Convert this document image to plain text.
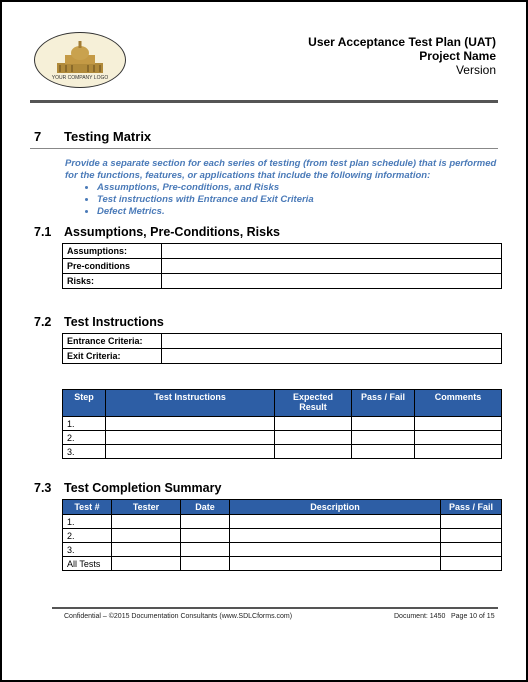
YOUR COMPANY LOGO
User Acceptance Test Plan (UAT)
Project Name
Version
7 Testing Matrix
Provide a separate section for each series of testing (from test plan schedule) that is performed for the functions, features, or applications that include the following information:
• Assumptions, Pre-conditions, and Risks
• Test instructions with Entrance and Exit Criteria
• Defect Metrics.
7.1 Assumptions, Pre-Conditions, Risks
Assumptions:	
Pre-conditions	
Risks:	
7.2 Test Instructions
Entrance Criteria:	
Exit Criteria:	
Step	Test Instructions	Expected Result	Pass / Fail	Comments
1.				
2.				
3.				
7.3 Test Completion Summary
Test #	Tester	Date	Description	Pass / Fail
1.				
2.				
3.				
All Tests				
Confidential – ©2015 Documentation Consultants (www.SDLCforms.com)	Document: 1450 Page 10 of 15
